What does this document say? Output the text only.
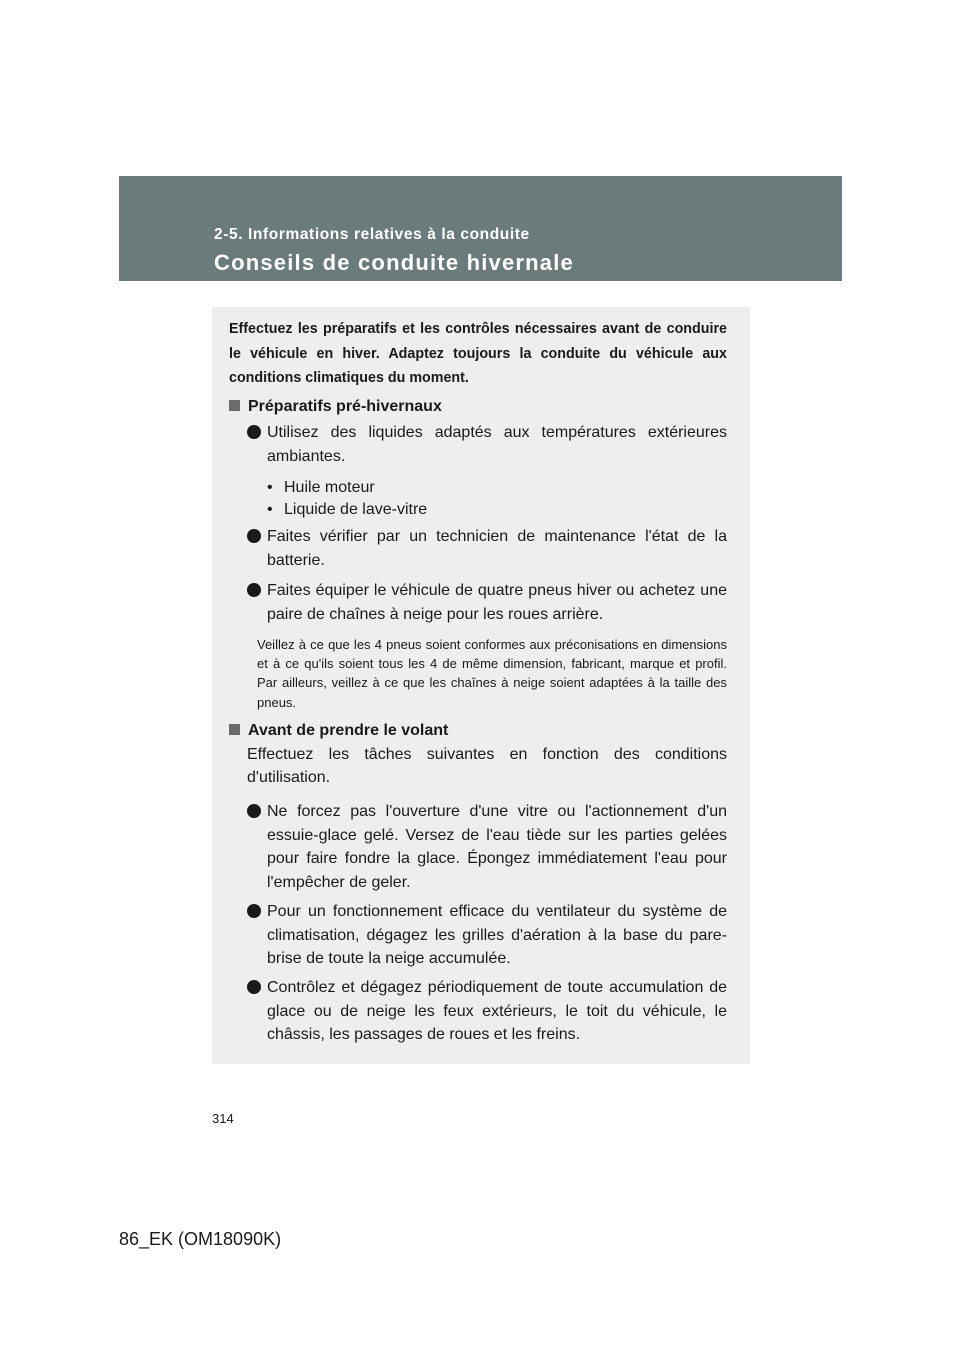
2-5. Informations relatives à la conduite

Conseils de conduite hivernale

Effectuez les préparatifs et les contrôles nécessaires avant de conduire le véhicule en hiver. Adaptez toujours la conduite du véhicule aux conditions climatiques du moment.

Préparatifs pré-hivernaux

Utilisez des liquides adaptés aux températures extérieures ambiantes.

• Huile moteur

• Liquide de lave-vitre

Faites vérifier par un technicien de maintenance l'état de la batterie.

Faites équiper le véhicule de quatre pneus hiver ou achetez une paire de chaînes à neige pour les roues arrière.

Veillez à ce que les 4 pneus soient conformes aux préconisations en dimensions et à ce qu'ils soient tous les 4 de même dimension, fabricant, marque et profil. Par ailleurs, veillez à ce que les chaînes à neige soient adaptées à la taille des pneus.

Avant de prendre le volant

Effectuez les tâches suivantes en fonction des conditions d'utilisation.

Ne forcez pas l'ouverture d'une vitre ou l'actionnement d'un essuie-glace gelé. Versez de l'eau tiède sur les parties gelées pour faire fondre la glace. Épongez immédiatement l'eau pour l'empêcher de geler.

Pour un fonctionnement efficace du ventilateur du système de climatisation, dégagez les grilles d'aération à la base du pare-brise de toute la neige accumulée.

Contrôlez et dégagez périodiquement de toute accumulation de glace ou de neige les feux extérieurs, le toit du véhicule, le châssis, les passages de roues et les freins.

314

86_EK (OM18090K)
